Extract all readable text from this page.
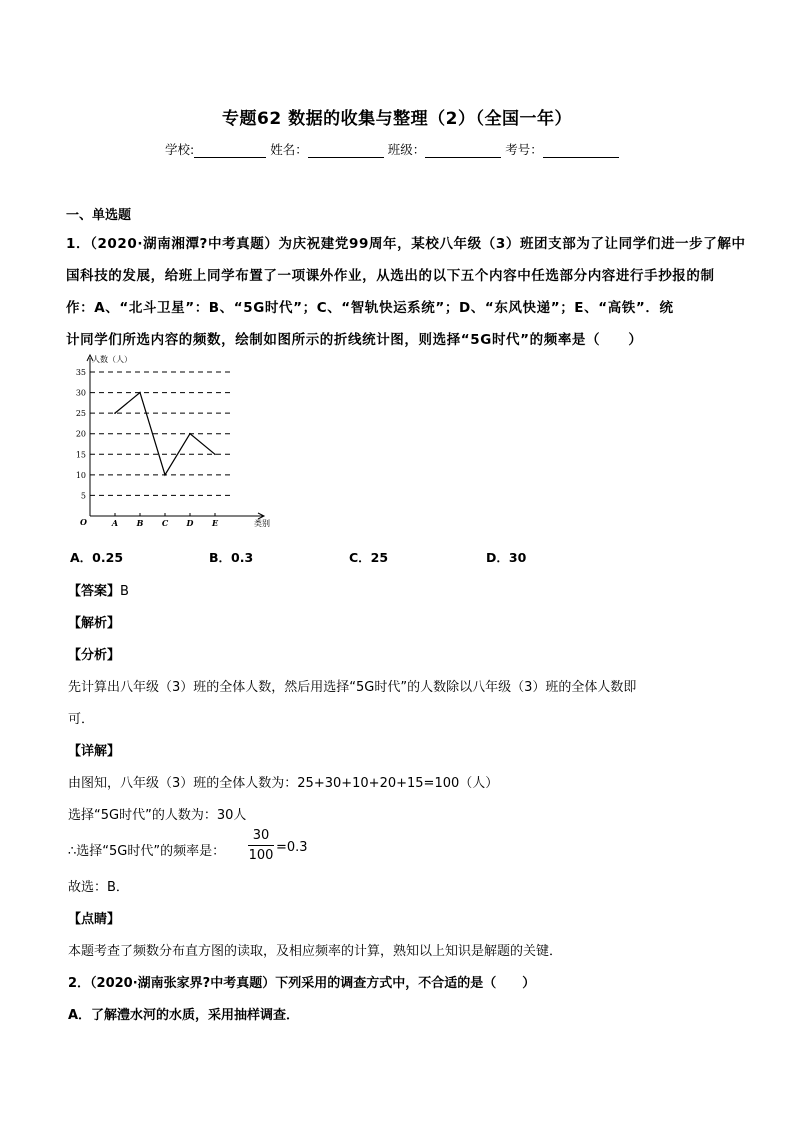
专题62 数据的收集与整理（2）（全国一年）
学校:	姓名：	班级：	考号：
一、单选题
1．（2020·湖南湘潭?中考真题）为庆祝建党99周年，某校八年级（3）班团支部为了让同学们进一步了解中
国科技的发展，给班上同学布置了一项课外作业，从选出的以下五个内容中任选部分内容进行手抄报的制
作：A、“北斗卫星”：B、“5G时代”；C、“智轨快运系统”；D、“东风快递”；E、“高铁”．统
计同学们所选内容的频数，绘制如图所示的折线统计图，则选择“5G时代”的频率是（　　）
5
10
15
20
25
30
35
人数（人）
类别
O	A B C D E
A．0.25	B．0.3	C．25	D．30
【答案】B
【解析】
【分析】
先计算出八年级（3）班的全体人数，然后用选择“5G时代”的人数除以八年级（3）班的全体人数即
可．
【详解】
由图知，八年级（3）班的全体人数为：25+30+10+20+15=100（人）
选择“5G时代”的人数为：30人
∴选择“5G时代”的频率是：
30
100
=0.3
故选：B．
【点睛】
本题考查了频数分布直方图的读取，及相应频率的计算，熟知以上知识是解题的关键．
2．（2020·湖南张家界?中考真题）下列采用的调查方式中，不合适的是（　　）
A．了解澧水河的水质，采用抽样调查．
